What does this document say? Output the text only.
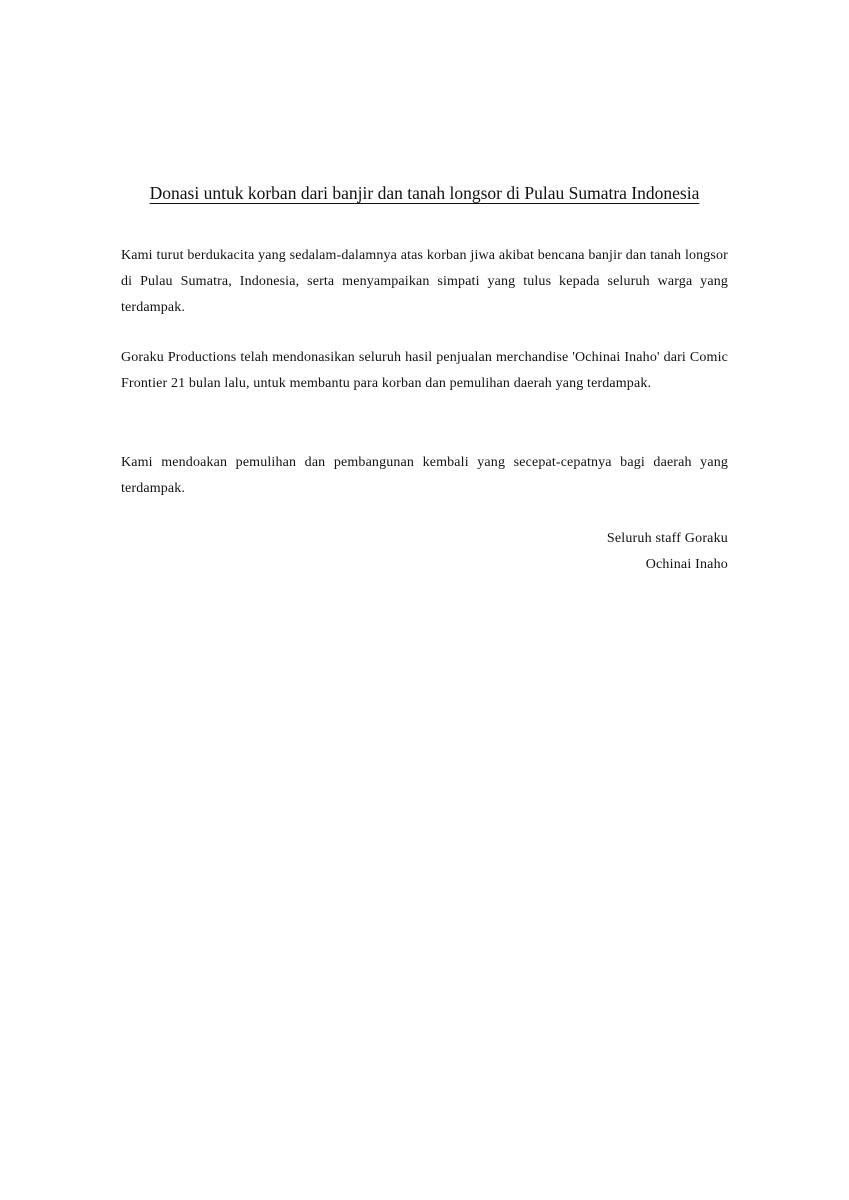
Donasi untuk korban dari banjir dan tanah longsor di Pulau Sumatra Indonesia

Kami turut berdukacita yang sedalam-dalamnya atas korban jiwa akibat bencana banjir dan tanah longsor di Pulau Sumatra, Indonesia, serta menyampaikan simpati yang tulus kepada seluruh warga yang terdampak.

Goraku Productions telah mendonasikan seluruh hasil penjualan merchandise 'Ochinai Inaho' dari Comic Frontier 21 bulan lalu, untuk membantu para korban dan pemulihan daerah yang terdampak.

Kami mendoakan pemulihan dan pembangunan kembali yang secepat-cepatnya bagi daerah yang terdampak.

Seluruh staff Goraku
Ochinai Inaho
